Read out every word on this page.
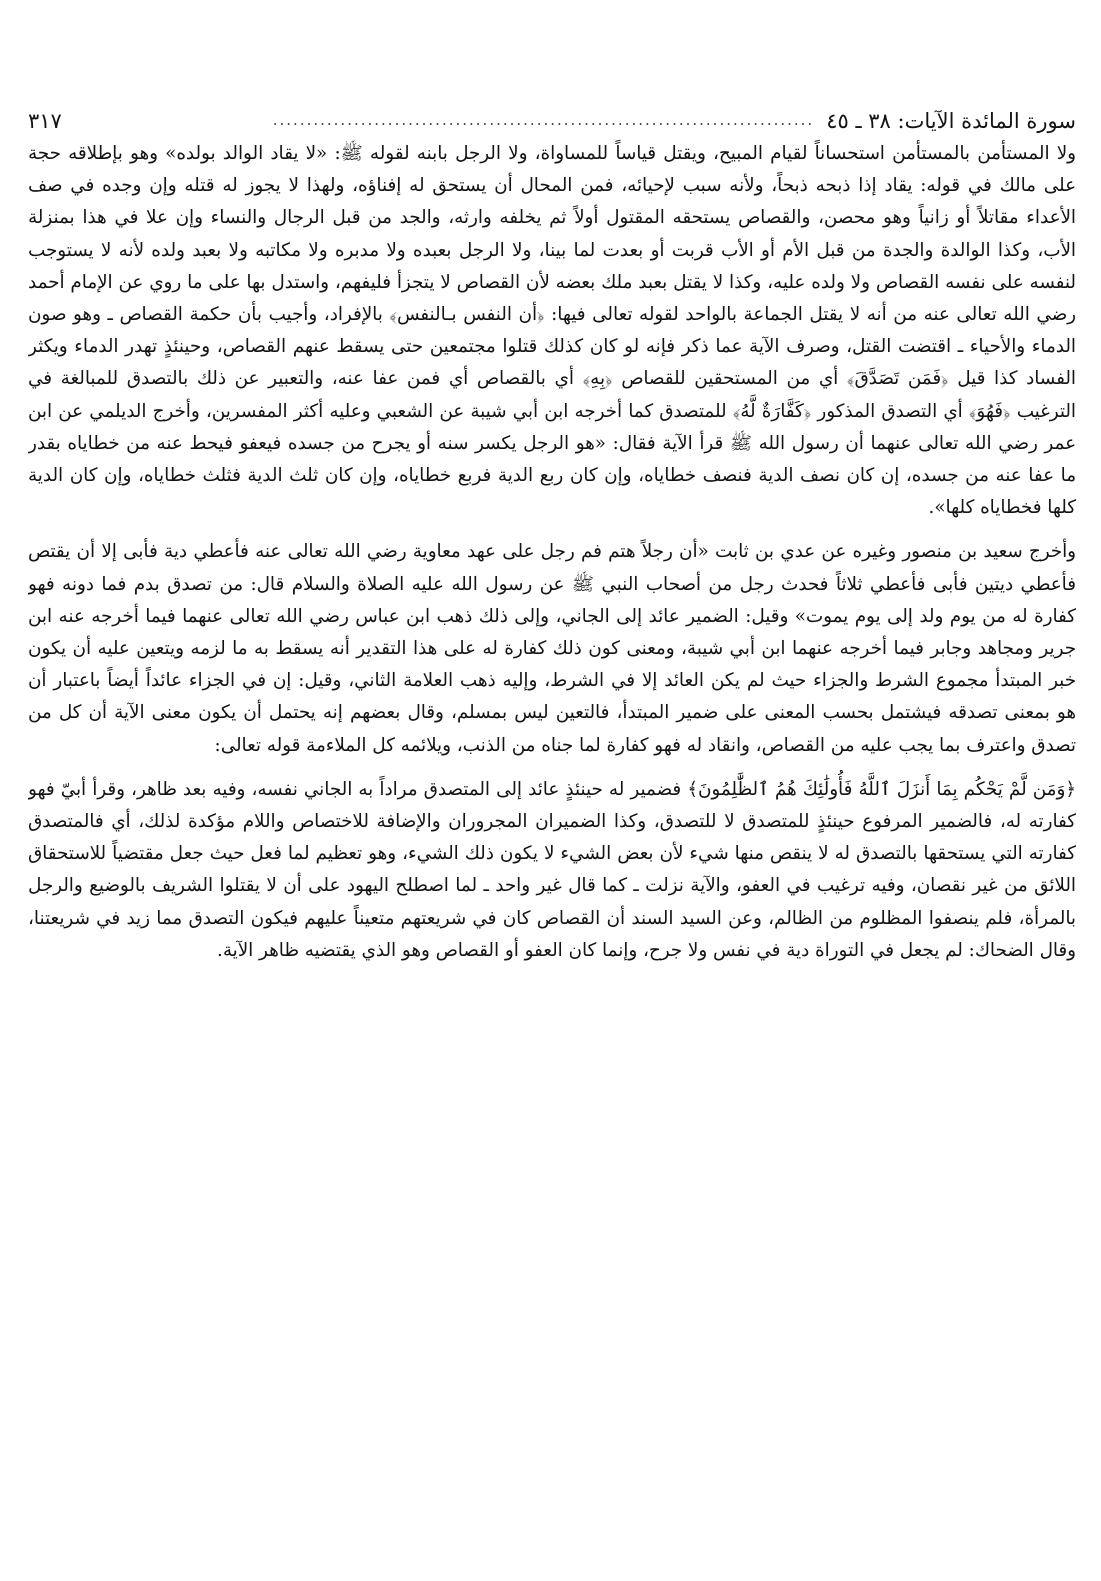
سورة المائدة الآيات: ٣٨ ـ ٤٥
................................................................................
٣١٧

ولا المستأمن بالمستأمن استحساناً لقيام المبيح، ويقتل قياساً للمساواة، ولا الرجل بابنه لقوله ﷺ: «لا يقاد الوالد بولده» وهو بإطلاقه حجة على مالك في قوله: يقاد إذا ذبحه ذبحاً، ولأنه سبب لإحيائه، فمن المحال أن يستحق له إفناؤه، ولهذا لا يجوز له قتله وإن وجده في صف الأعداء مقاتلاً أو زانياً وهو محصن، والقصاص يستحقه المقتول أولاً ثم يخلفه وارثه، والجد من قبل الرجال والنساء وإن علا في هذا بمنزلة الأب، وكذا الوالدة والجدة من قبل الأم أو الأب قربت أو بعدت لما بينا، ولا الرجل بعبده ولا مدبره ولا مكاتبه ولا بعبد ولده لأنه لا يستوجب لنفسه على نفسه القصاص ولا ولده عليه، وكذا لا يقتل بعبد ملك بعضه لأن القصاص لا يتجزأ فليفهم، واستدل بها على ما روي عن الإمام أحمد رضي الله تعالى عنه من أنه لا يقتل الجماعة بالواحد لقوله تعالى فيها: ﴿أن النفس بـالنفس﴾ بالإفراد، وأجيب بأن حكمة القصاص ـ وهو صون الدماء والأحياء ـ اقتضت القتل، وصرف الآية عما ذكر فإنه لو كان كذلك قتلوا مجتمعين حتى يسقط عنهم القصاص، وحينئذٍ تهدر الدماء ويكثر الفساد كذا قيل ﴿فَمَن تَصَدَّقَ﴾ أي من المستحقين للقصاص ﴿بِهِ﴾ أي بالقصاص أي فمن عفا عنه، والتعبير عن ذلك بالتصدق للمبالغة في الترغيب ﴿فَهُوَ﴾ أي التصدق المذكور ﴿كَفَّارَةٌ لَّهُ﴾ للمتصدق كما أخرجه ابن أبي شيبة عن الشعبي وعليه أكثر المفسرين، وأخرج الديلمي عن ابن عمر رضي الله تعالى عنهما أن رسول الله ﷺ قرأ الآية فقال: «هو الرجل يكسر سنه أو يجرح من جسده فيعفو فيحط عنه من خطاياه بقدر ما عفا عنه من جسده، إن كان نصف الدية فنصف خطاياه، وإن كان ربع الدية فربع خطاياه، وإن كان ثلث الدية فثلث خطاياه، وإن كان الدية كلها فخطاياه كلها».

وأخرج سعيد بن منصور وغيره عن عدي بن ثابت «أن رجلاً هتم فم رجل على عهد معاوية رضي الله تعالى عنه فأعطي دية فأبى إلا أن يقتص فأعطي ديتين فأبى فأعطي ثلاثاً فحدث رجل من أصحاب النبي ﷺ عن رسول الله عليه الصلاة والسلام قال: من تصدق بدم فما دونه فهو كفارة له من يوم ولد إلى يوم يموت» وقيل: الضمير عائد إلى الجاني، وإلى ذلك ذهب ابن عباس رضي الله تعالى عنهما فيما أخرجه عنه ابن جرير ومجاهد وجابر فيما أخرجه عنهما ابن أبي شيبة، ومعنى كون ذلك كفارة له على هذا التقدير أنه يسقط به ما لزمه ويتعين عليه أن يكون خبر المبتدأ مجموع الشرط والجزاء حيث لم يكن العائد إلا في الشرط، وإليه ذهب العلامة الثاني، وقيل: إن في الجزاء عائداً أيضاً باعتبار أن هو بمعنى تصدقه فيشتمل بحسب المعنى على ضمير المبتدأ، فالتعين ليس بمسلم، وقال بعضهم إنه يحتمل أن يكون معنى الآية أن كل من تصدق واعترف بما يجب عليه من القصاص، وانقاد له فهو كفارة لما جناه من الذنب، ويلائمه كل الملاءمة قوله تعالى:

﴿وَمَن لَّمْ يَحْكُم بِمَا أَنزَلَ ٱللَّهُ فَأُولَٰئِكَ هُمُ ٱلظَّٰلِمُونَ﴾ فضمير له حينئذٍ عائد إلى المتصدق مراداً به الجاني نفسه، وفيه بعد ظاهر، وقرأ أبيّ فهو كفارته له، فالضمير المرفوع حينئذٍ للمتصدق لا للتصدق، وكذا الضميران المجروران والإضافة للاختصاص واللام مؤكدة لذلك، أي فالمتصدق كفارته التي يستحقها بالتصدق له لا ينقص منها شيء لأن بعض الشيء لا يكون ذلك الشيء، وهو تعظيم لما فعل حيث جعل مقتضياً للاستحقاق اللائق من غير نقصان، وفيه ترغيب في العفو، والآية نزلت ـ كما قال غير واحد ـ لما اصطلح اليهود على أن لا يقتلوا الشريف بالوضيع والرجل بالمرأة، فلم ينصفوا المظلوم من الظالم، وعن السيد السند أن القصاص كان في شريعتهم متعيناً عليهم فيكون التصدق مما زيد في شريعتنا، وقال الضحاك: لم يجعل في التوراة دية في نفس ولا جرح، وإنما كان العفو أو القصاص وهو الذي يقتضيه ظاهر الآية.
